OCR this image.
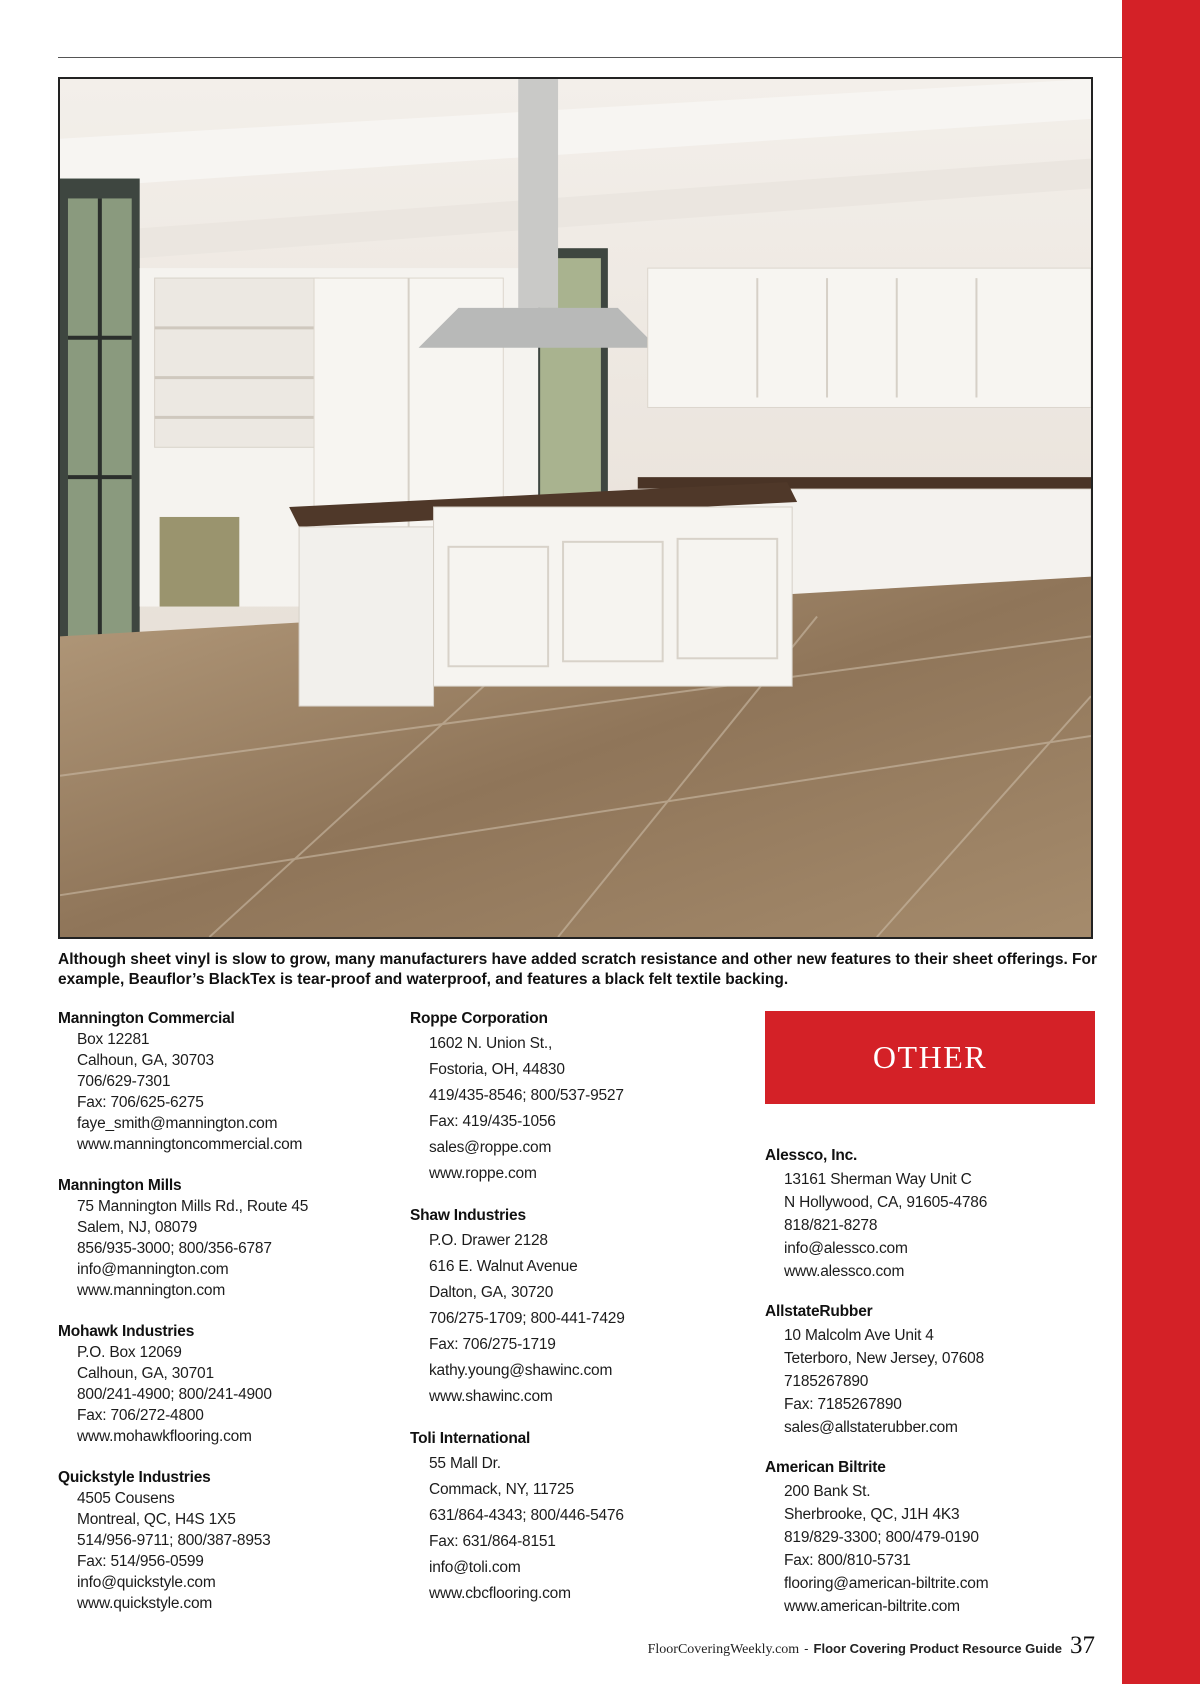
Although sheet vinyl is slow to grow, many manufacturers have added scratch resistance and other new features to their sheet offerings. For example, Beauflor’s BlackTex is tear-proof and waterproof, and features a black felt textile backing.

Mannington Commercial
Box 12281
Calhoun, GA, 30703
706/629-7301
Fax: 706/625-6275
faye_smith@mannington.com
www.manningtoncommercial.com
Mannington Mills
75 Mannington Mills Rd., Route 45
Salem, NJ, 08079
856/935-3000; 800/356-6787
info@mannington.com
www.mannington.com
Mohawk Industries
P.O. Box 12069
Calhoun, GA, 30701
800/241-4900; 800/241-4900
Fax: 706/272-4800
www.mohawkflooring.com
Quickstyle Industries
4505 Cousens
Montreal, QC, H4S 1X5
514/956-9711; 800/387-8953
Fax: 514/956-0599
info@quickstyle.com
www.quickstyle.com
Roppe Corporation
1602 N. Union St.,
Fostoria, OH, 44830
419/435-8546; 800/537-9527
Fax: 419/435-1056
sales@roppe.com
www.roppe.com
Shaw Industries
P.O. Drawer 2128
616 E. Walnut Avenue
Dalton, GA, 30720
706/275-1709; 800-441-7429
Fax: 706/275-1719
kathy.young@shawinc.com
www.shawinc.com
Toli International
55 Mall Dr.
Commack, NY, 11725
631/864-4343; 800/446-5476
Fax: 631/864-8151
info@toli.com
www.cbcflooring.com
OTHER
Alessco, Inc.
13161 Sherman Way Unit C
N Hollywood, CA, 91605-4786
818/821-8278
info@alessco.com
www.alessco.com
AllstateRubber
10 Malcolm Ave Unit 4
Teterboro, New Jersey, 07608
7185267890
Fax: 7185267890
sales@allstaterubber.com
American Biltrite
200 Bank St.
Sherbrooke, QC, J1H 4K3
819/829-3300; 800/479-0190
Fax: 800/810-5731
flooring@american-biltrite.com
www.american-biltrite.com
FloorCoveringWeekly.com - Floor Covering Product Resource Guide 37
